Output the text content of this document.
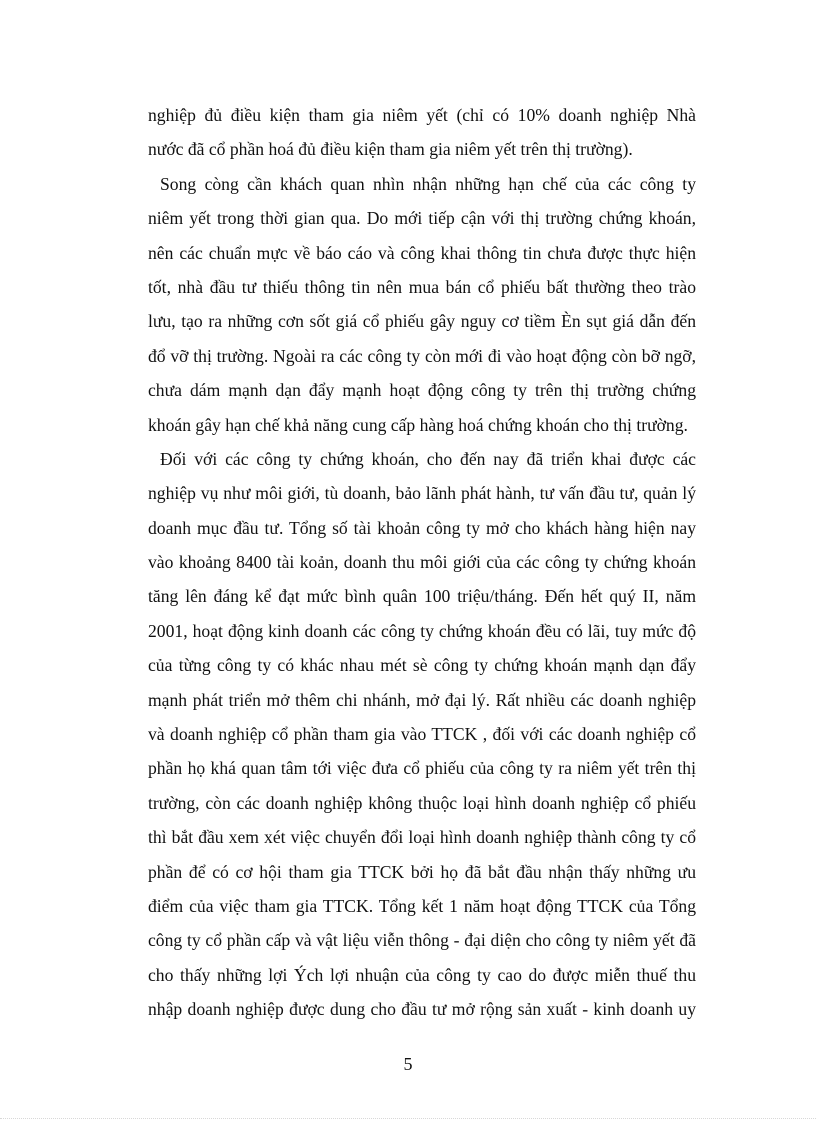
nghiệp đủ điều kiện tham gia niêm yết (chỉ có 10% doanh nghiệp Nhà
nước đã cổ phần hoá đủ điều kiện tham gia niêm yết trên thị trường).
Song còng cần khách quan nhìn nhận những hạn chế của các công ty
niêm yết trong thời gian qua. Do mới tiếp cận với thị trường chứng khoán,
nên các chuẩn mực về báo cáo và công khai thông tin chưa được thực hiện
tốt, nhà đầu tư thiếu thông tin nên mua bán cổ phiếu bất thường theo trào
lưu, tạo ra những cơn sốt giá cổ phiếu gây nguy cơ tiềm Èn sụt giá dẫn đến
đổ vỡ thị trường. Ngoài ra các công ty còn mới đi vào hoạt động còn bỡ ngỡ,
chưa dám mạnh dạn đẩy mạnh hoạt động công ty trên thị trường chứng
khoán gây hạn chế khả năng cung cấp hàng hoá chứng khoán cho thị trường.
Đối với các công ty chứng khoán, cho đến nay đã triển khai được các
nghiệp vụ như môi giới, tù doanh, bảo lãnh phát hành, tư vấn đầu tư, quản lý
doanh mục đầu tư. Tổng số tài khoản công ty mở cho khách hàng hiện nay
vào khoảng 8400 tài koản, doanh thu môi giới của các công ty chứng khoán
tăng lên đáng kể đạt mức bình quân 100 triệu/tháng. Đến hết quý II, năm
2001, hoạt động kinh doanh các công ty chứng khoán đều có lãi, tuy mức độ
của từng công ty có khác nhau mét sè công ty chứng khoán mạnh dạn đẩy
mạnh phát triển mở thêm chi nhánh, mở đại lý. Rất nhiều các doanh nghiệp
và doanh nghiệp cổ phần tham gia vào TTCK , đối với các doanh nghiệp cổ
phần họ khá quan tâm tới việc đưa cổ phiếu của công ty ra niêm yết trên thị
trường, còn các doanh nghiệp không thuộc loại hình doanh nghiệp cổ phiếu
thì bắt đầu xem xét việc chuyển đổi loại hình doanh nghiệp thành công ty cổ
phần để có cơ hội tham gia TTCK bởi họ đã bắt đầu nhận thấy những ưu
điểm của việc tham gia TTCK. Tổng kết 1 năm hoạt động TTCK của Tổng
công ty cổ phần cấp và vật liệu viễn thông - đại diện cho công ty niêm yết đã
cho thấy những lợi Ých lợi nhuận của công ty cao do được miễn thuế thu
nhập doanh nghiệp được dung cho đầu tư mở rộng sản xuất - kinh doanh uy
5
